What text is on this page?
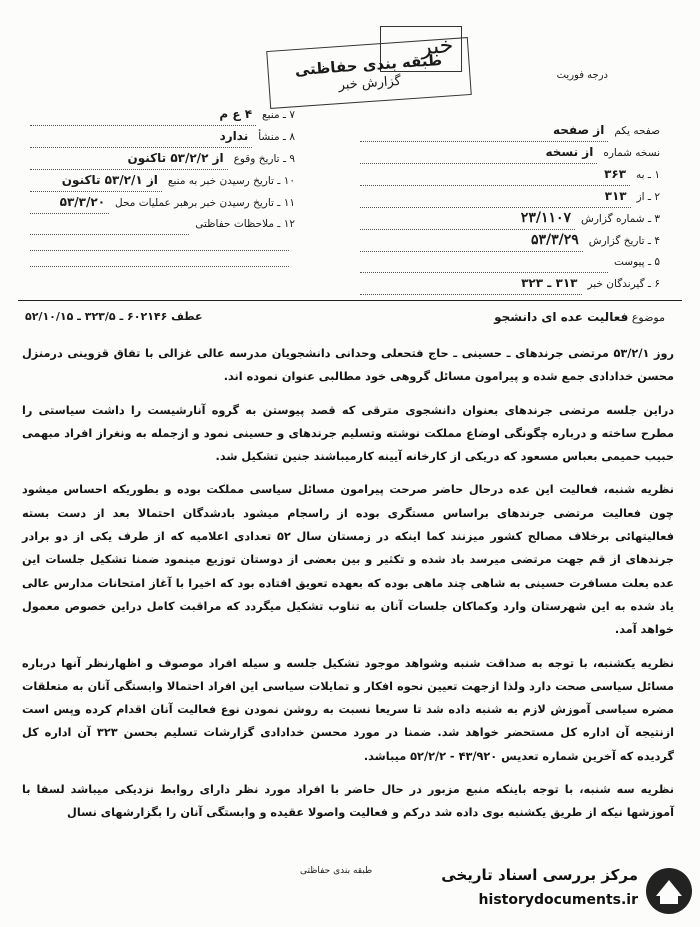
خبر
طبقه بندی حفاظتی
گزارش خبر	درجه فوریت
صفحه یکم
از صفحه
نسخه شماره
از نسخه
۱ ـ به
۳۶۳
۲ ـ از
۳۱۳
۳ ـ شماره گزارش
۲۳/۱۱۰۷
۴ ـ تاریخ گزارش
۵۳/۳/۲۹
۵ ـ پیوست
۶ ـ گیرندگان خبر
۳۱۳ ـ ۳۲۳
۷ ـ منبع
۴ ع م
۸ ـ منشأ
ندارد
۹ ـ تاریخ وقوع
از ۵۳/۲/۲ تاکنون
۱۰ ـ تاریخ رسیدن خبر به منبع
از ۵۳/۲/۱ تاکنون
۱۱ ـ تاریخ رسیدن خبر برهبر عملیات محل
۵۳/۳/۲۰
۱۲ ـ ملاحظات حفاظتی
موضوع فعالیت عده ای دانشجو
عطف ۶۰۲۱۴۶ ـ ۳۲۳/۵ ـ ۵۲/۱۰/۱۵

روز ۵۳/۲/۱ مرتضی جرندهای ـ حسینی ـ حاج فتحعلی وحدانی دانشجویان مدرسه عالی غزالی با تفاق قزوینی درمنزل محسن خدادادی جمع شده و پیرامون مسائل گروهی خود مطالبی عنوان نموده اند.

دراین جلسه مرتضی جرندهای بعنوان دانشجوی مترقی که قصد پیوستن به گروه آنارشیست را داشت سیاستی را مطرح ساخته و درباره چگونگی اوضاع مملکت نوشته وتسلیم جرندهای و حسینی نمود و ازجمله به ونغراز افراد مبهمی حبیب حمیمی بعباس مسعود که دریکی از کارخانه آیینه کارمیباشند جنین تشکیل شد.

نظریه شنبه، فعالیت این عده درحال حاضر صرحت پیرامون مسائل سیاسی مملکت بوده و بطوریکه احساس میشود چون فعالیت مرتضی جرندهای براساس مستگری بوده از راسجام میشود بادشدگان احتمالا بعد از دست بسته فعالیتهائی برخلاف مصالح کشور میزنند کما اینکه در زمستان سال ۵۲ تعدادی اعلامیه که از طرف یکی از دو برادر جرندهای از قم جهت مرتضی میرسد باد شده و تکثیر و بین بعضی از دوستان توزیع مینمود ضمنا تشکیل جلسات این عده بعلت مسافرت حسینی به شاهی چند ماهی بوده که بعهده تعویق افتاده بود که اخیرا با آغاز امتحانات مدارس عالی یاد شده به این شهرستان وارد وکماکان جلسات آنان به تناوب تشکیل میگردد که مراقبت کامل دراین خصوص معمول خواهد آمد.

نظریه یکشنبه، با توجه به صداقت شنبه وشواهد موجود تشکیل جلسه و سیله افراد موصوف و اظهارنظر آنها درباره مسائل سیاسی صحت دارد ولذا ازجهت تعیین نحوه افکار و تمایلات سیاسی این افراد احتمالا وابستگی آنان به متعلقات مضره سیاسی آموزش لازم به شنبه داده شد تا سریعا نسبت به روشن نمودن نوع فعالیت آنان اقدام کرده وپس است ازنتیجه آن اداره کل مستحضر خواهد شد. ضمنا در مورد محسن خدادادی گزارشات تسلیم بحسن ۳۲۳ آن اداره کل گردیده که آخرین شماره تعدیس ۴۳/۹۲۰ - ۵۲/۲/۲ میباشد.

نظریه سه شنبه، با توجه باینکه منبع مزبور در حال حاضر با افراد مورد نظر دارای روابط نزدیکی میباشد لسفا با آموزشها نیکه از طریق یکشنبه بوی داده شد درکم و فعالیت واصولا عقیده و وابستگی آنان را بگزارشهای نسال

طبقه بندی حفاظتی	مرکز بررسی اسناد تاریخی
historydocuments.ir
